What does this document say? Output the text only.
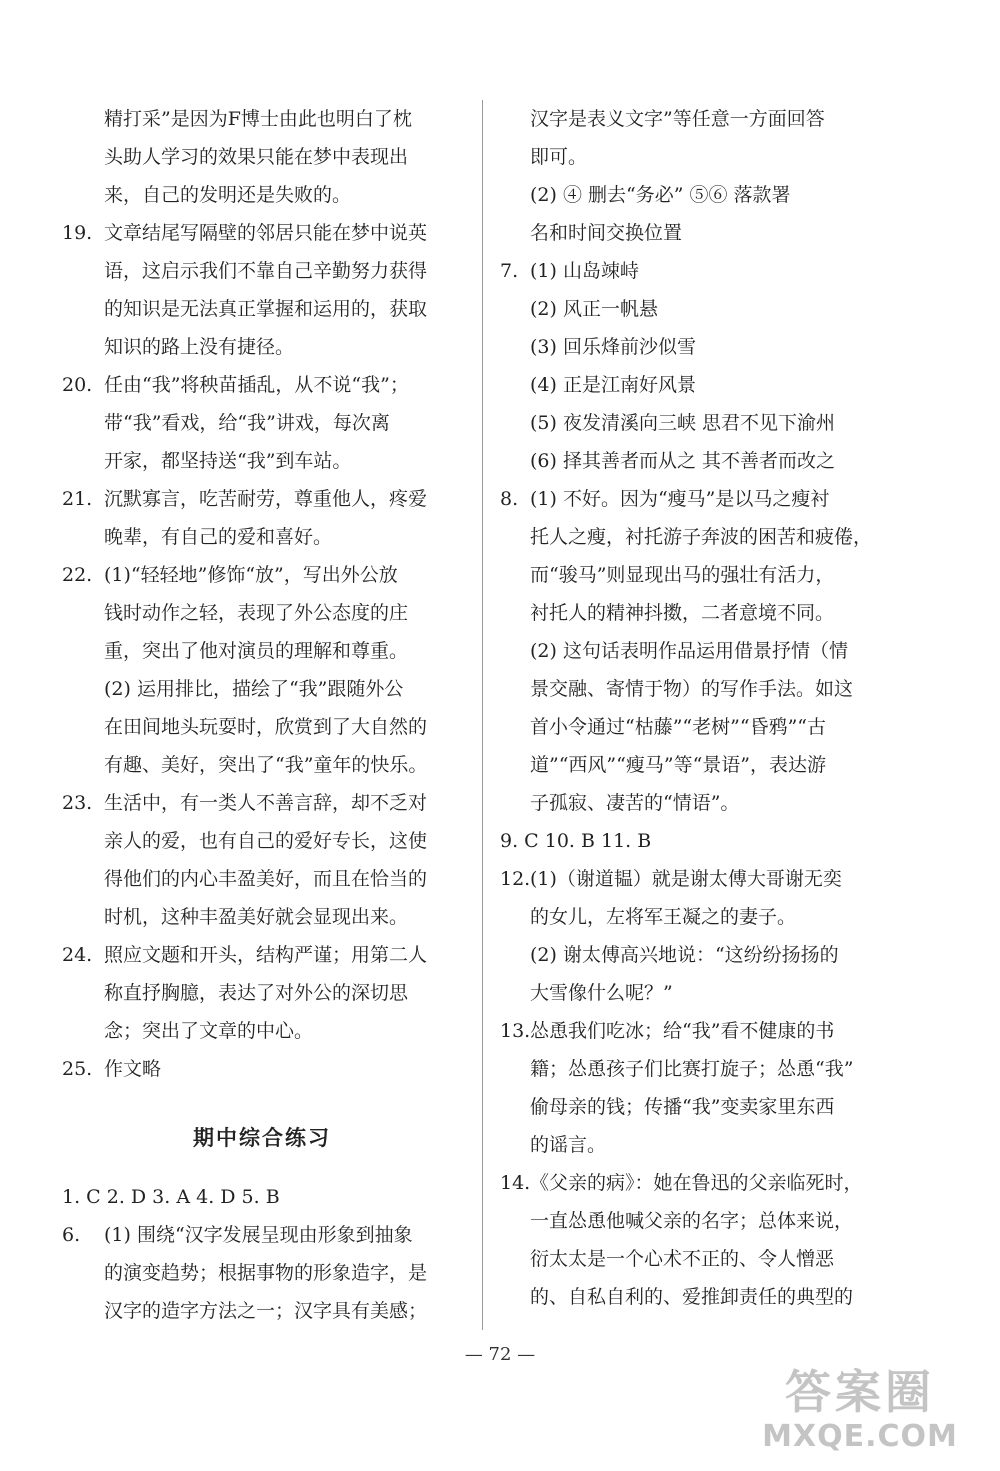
精打采”是因为F博士由此也明白了枕
头助人学习的效果只能在梦中表现出
来，自己的发明还是失败的。
19. 文章结尾写隔壁的邻居只能在梦中说英
语，这启示我们不靠自己辛勤努力获得
的知识是无法真正掌握和运用的，获取
知识的路上没有捷径。
20. 任由“我”将秧苗插乱，从不说“我”；
带“我”看戏，给“我”讲戏，每次离
开家，都坚持送“我”到车站。
21. 沉默寡言，吃苦耐劳，尊重他人，疼爱
晚辈，有自己的爱和喜好。
22. (1)“轻轻地”修饰“放”，写出外公放
钱时动作之轻，表现了外公态度的庄
重，突出了他对演员的理解和尊重。
(2) 运用排比，描绘了“我”跟随外公
在田间地头玩耍时，欣赏到了大自然的
有趣、美好，突出了“我”童年的快乐。
23. 生活中，有一类人不善言辞，却不乏对
亲人的爱，也有自己的爱好专长，这使
得他们的内心丰盈美好，而且在恰当的
时机，这种丰盈美好就会显现出来。
24. 照应文题和开头，结构严谨；用第二人
称直抒胸臆，表达了对外公的深切思
念；突出了文章的中心。
25. 作文略
期中综合练习
1. C 2. D 3. A 4. D 5. B
6. (1) 围绕“汉字发展呈现由形象到抽象
的演变趋势；根据事物的形象造字，是
汉字的造字方法之一；汉字具有美感；
汉字是表义文字”等任意一方面回答
即可。
(2) ④ 删去“务必” ⑤⑥ 落款署
名和时间交换位置
7. (1) 山岛竦峙
(2) 风正一帆悬
(3) 回乐烽前沙似雪
(4) 正是江南好风景
(5) 夜发清溪向三峡 思君不见下渝州
(6) 择其善者而从之 其不善者而改之
8. (1) 不好。因为“瘦马”是以马之瘦衬
托人之瘦，衬托游子奔波的困苦和疲倦，
而“骏马”则显现出马的强壮有活力，
衬托人的精神抖擞，二者意境不同。
(2) 这句话表明作品运用借景抒情（情
景交融、寄情于物）的写作手法。如这
首小令通过“枯藤”“老树”“昏鸦”“古
道”“西风”“瘦马”等“景语”，表达游
子孤寂、凄苦的“情语”。
9. C 10. B 11. B
12. (1)（谢道韫）就是谢太傅大哥谢无奕
的女儿，左将军王凝之的妻子。
(2) 谢太傅高兴地说：“这纷纷扬扬的
大雪像什么呢？”
13. 怂恿我们吃冰；给“我”看不健康的书
籍；怂恿孩子们比赛打旋子；怂恿“我”
偷母亲的钱；传播“我”变卖家里东西
的谣言。
14. 《父亲的病》：她在鲁迅的父亲临死时，
一直怂恿他喊父亲的名字；总体来说，
衍太太是一个心术不正的、令人憎恶
的、自私自利的、爱推卸责任的典型的
— 72 —
答案圈
MXQE.COM
